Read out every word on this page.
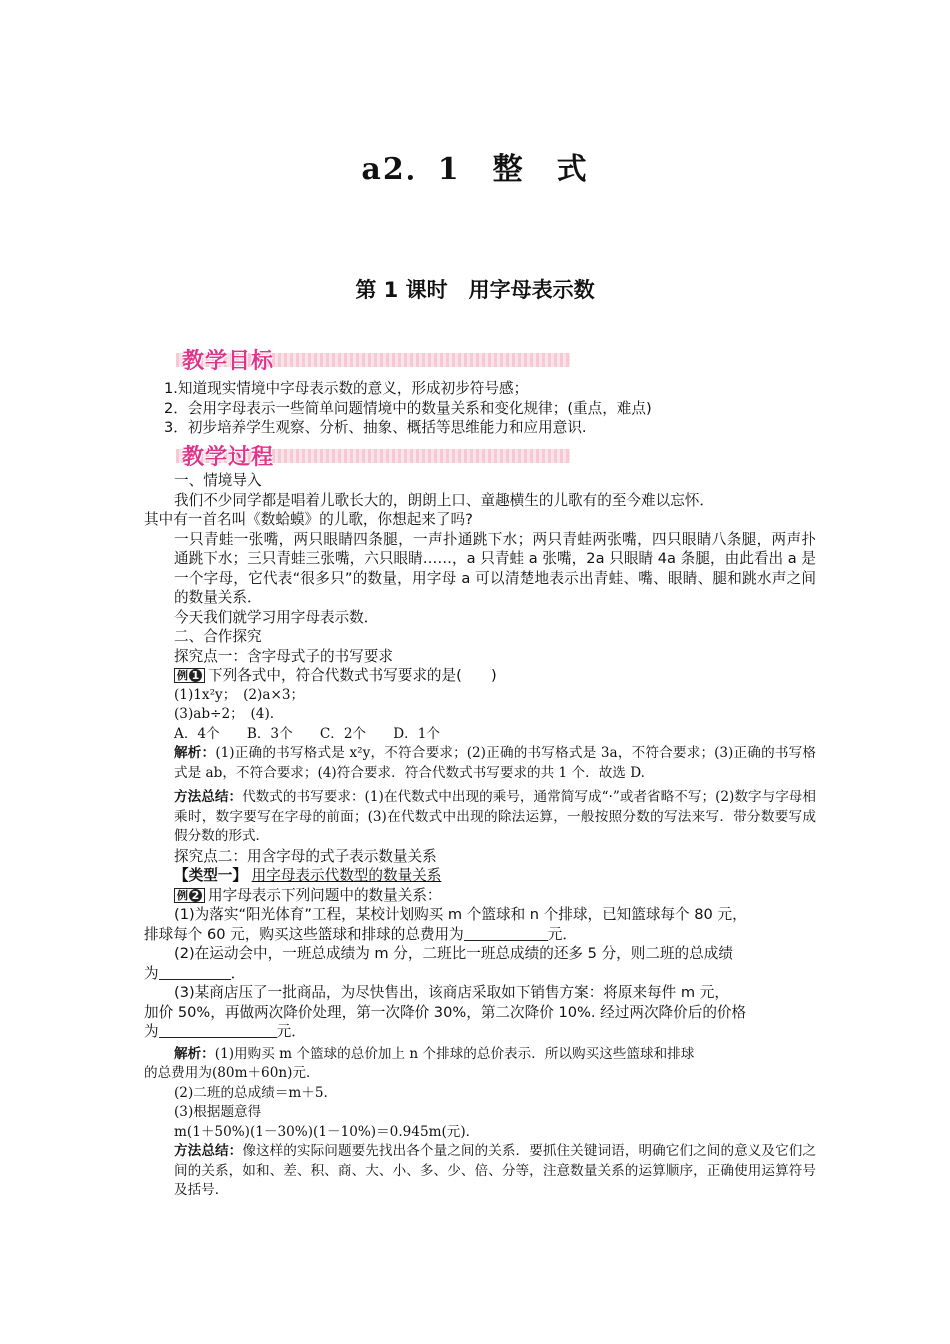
a2．1　整　式
第 1 课时　用字母表示数
教学目标

1.知道现实情境中字母表示数的意义，形成初步符号感；

2．会用字母表示一些简单问题情境中的数量关系和变化规律；(重点，难点)

3．初步培养学生观察、分析、抽象、概括等思维能力和应用意识.

教学过程

一、情境导入

我们不少同学都是唱着儿歌长大的，朗朗上口、童趣横生的儿歌有的至今难以忘怀．

其中有一首名叫《数蛤蟆》的儿歌，你想起来了吗?

一只青蛙一张嘴，两只眼睛四条腿，一声扑通跳下水；两只青蛙两张嘴，四只眼睛八条腿，两声扑通跳下水；三只青蛙三张嘴，六只眼睛……，a 只青蛙 a 张嘴，2a 只眼睛 4a 条腿，由此看出 a 是一个字母，它代表“很多只”的数量，用字母 a 可以清楚地表示出青蛙、嘴、眼睛、腿和跳水声之间的数量关系．

今天我们就学习用字母表示数．

二、合作探究

探究点一：含字母式子的书写要求

例 1 下列各式中，符合代数式书写要求的是(　　)

(1)1x²y；　(2)a×3；

(3)ab÷2；　(4).

A．4个　　B．3个　　C．2个　　D．1个

解析：(1)正确的书写格式是 x²y，不符合要求；(2)正确的书写格式是 3a，不符合要求；(3)正确的书写格式是 ab，不符合要求；(4)符合要求．符合代数式书写要求的共 1 个．故选 D.

方法总结：代数式的书写要求：(1)在代数式中出现的乘号，通常简写成“·”或者省略不写；(2)数字与字母相乘时，数字要写在字母的前面；(3)在代数式中出现的除法运算，一般按照分数的写法来写．带分数要写成假分数的形式．

探究点二：用含字母的式子表示数量关系

【类型一】 用字母表示代数型的数量关系

例 2 用字母表示下列问题中的数量关系：

(1)为落实“阳光体育”工程，某校计划购买 m 个篮球和 n 个排球，已知篮球每个 80 元，

排球每个 60 元，购买这些篮球和排球的总费用为	元．

(2)在运动会中，一班总成绩为 m 分，二班比一班总成绩的还多 5 分，则二班的总成绩

为	．

(3)某商店压了一批商品，为尽快售出，该商店采取如下销售方案：将原来每件 m 元，

加价 50%，再做两次降价处理，第一次降价 30%，第二次降价 10%. 经过两次降价后的价格

为	元．

解析：(1)用购买 m 个篮球的总价加上 n 个排球的总价表示．所以购买这些篮球和排球

的总费用为(80m＋60n)元．

(2)二班的总成绩＝m＋5.

(3)根据题意得

m(1＋50%)(1－30%)(1－10%)＝0.945m(元)．

方法总结：像这样的实际问题要先找出各个量之间的关系．要抓住关键词语，明确它们之间的意义及它们之间的关系，如和、差、积、商、大、小、多、少、倍、分等，注意数量关系的运算顺序，正确使用运算符号及括号．
